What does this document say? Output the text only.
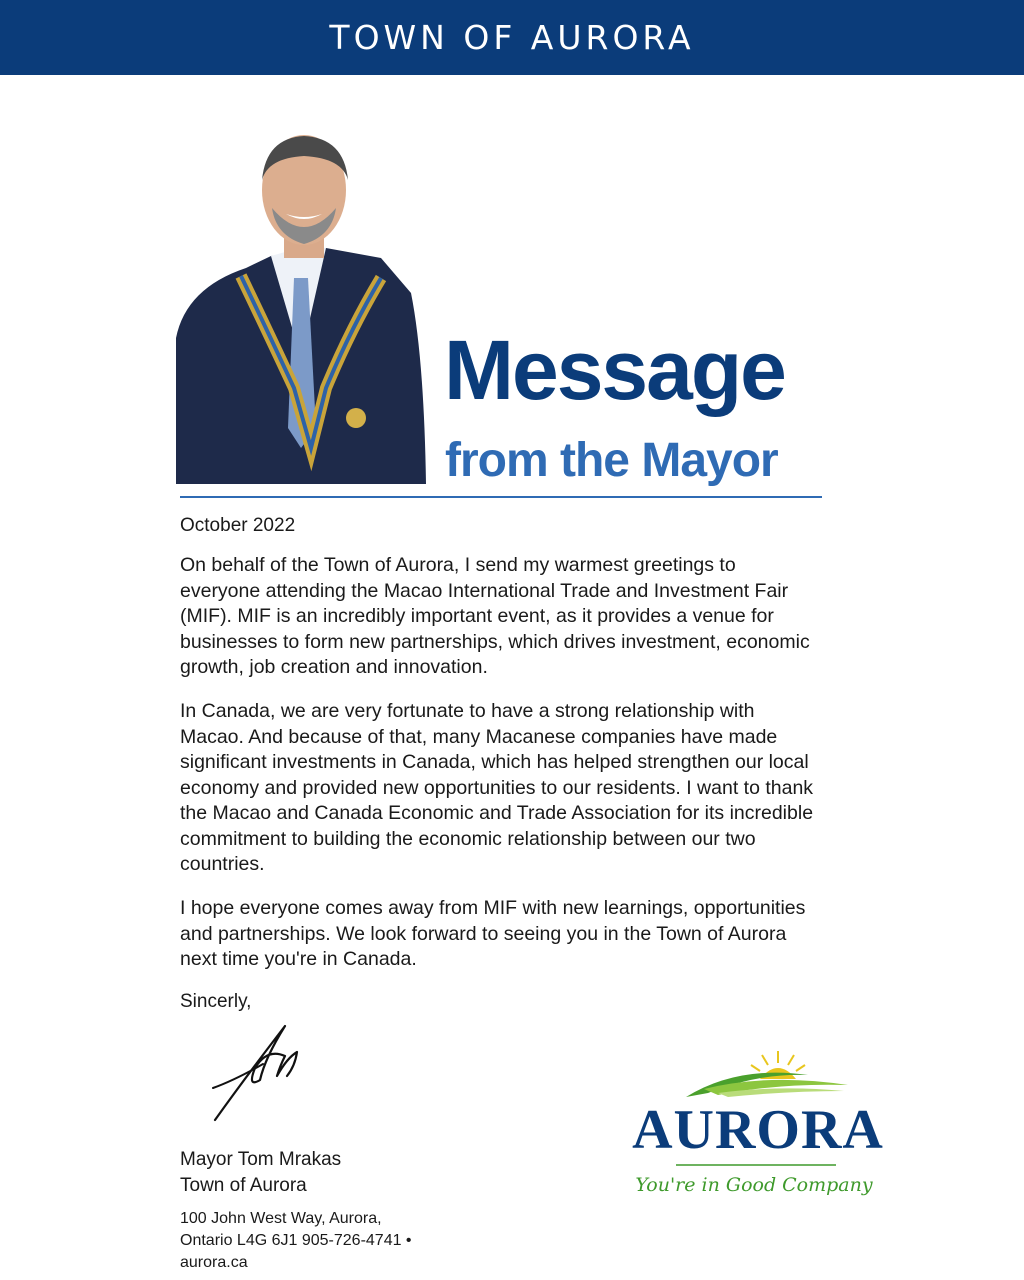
TOWN OF AURORA
Message
from the Mayor
October 2022

On behalf of the Town of Aurora, I send my warmest greetings to everyone attending the Macao International Trade and Investment Fair (MIF). MIF is an incredibly important event, as it provides a venue for businesses to form new partnerships, which drives investment, economic growth, job creation and innovation.

In Canada, we are very fortunate to have a strong relationship with Macao. And because of that, many Macanese companies have made significant investments in Canada, which has helped strengthen our local economy and provided new opportunities to our residents. I want to thank the Macao and Canada Economic and Trade Association for its incredible commitment to building the economic relationship between our two countries.

I hope everyone comes away from MIF with new learnings, opportunities and partnerships. We look forward to seeing you in the Town of Aurora next time you're in Canada.

Sincerly,
Mayor Tom Mrakas
Town of Aurora
100 John West Way, Aurora,
Ontario L4G 6J1 905-726-4741 •
aurora.ca
AURORA
You're in Good Company
